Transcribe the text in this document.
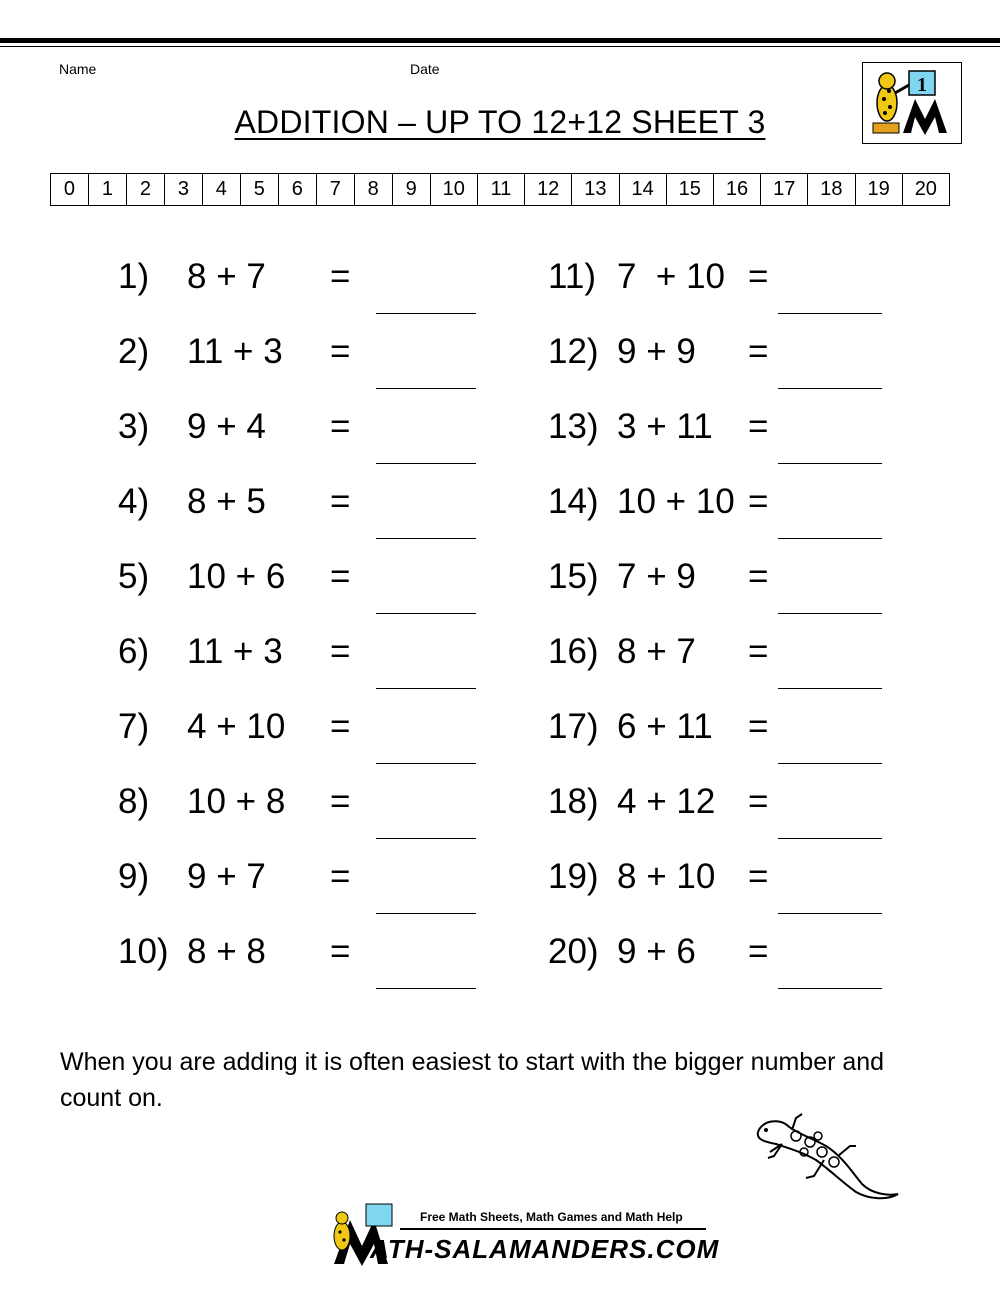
Name	Date
ADDITION – UP TO 12+12 SHEET 3
1
0	1	2	3	4	5	6	7	8	9	10	11	12	13	14	15	16	17	18	19	20
1) 8 + 7 =
2) 11 + 3 =
3) 9 + 4 =
4) 8 + 5 =
5) 10 + 6 =
6) 11 + 3 =
7) 4 + 10 =
8) 10 + 8 =
9) 9 + 7 =
10) 8 + 8 =
11) 7  + 10 =
12) 9 + 9 =
13) 3 + 11 =
14) 10 + 10 =
15) 7 + 9 =
16) 8 + 7 =
17) 6 + 11 =
18) 4 + 12 =
19) 8 + 10 =
20) 9 + 6 =
When you are adding it is often easiest to start with the bigger number and count on.
Free Math Sheets, Math Games and Math Help
ATH-SALAMANDERS.COM
